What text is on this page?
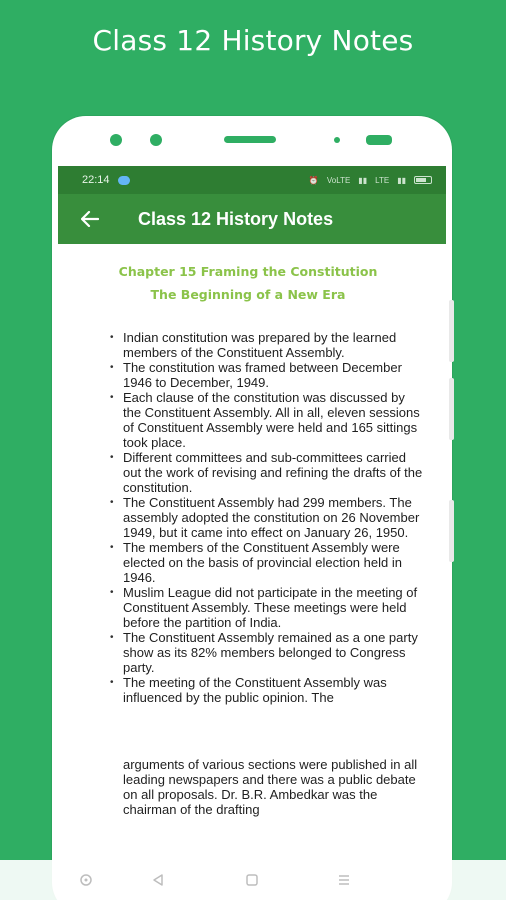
Class 12 History Notes
22:14	⏰ VoLTE ▮▮ LTE ▮▮
Class 12 History Notes
Chapter 15 Framing the Constitution
The Beginning of a New Era
• Indian constitution was prepared by the learned members of the Constituent Assembly.
• The constitution was framed between December 1946 to December, 1949.
• Each clause of the constitution was discussed by the Constituent Assembly. All in all, eleven sessions of Constituent Assembly were held and 165 sittings took place.
• Different committees and sub-committees carried out the work of revising and refining the drafts of the constitution.
• The Constituent Assembly had 299 members. The assembly adopted the constitution on 26 November 1949, but it came into effect on January 26, 1950.
• The members of the Constituent Assembly were elected on the basis of provincial election held in 1946.
• Muslim League did not participate in the meeting of Constituent Assembly. These meetings were held before the partition of India.
• The Constituent Assembly remained as a one party show as its 82% members belonged to Congress party.
• The meeting of the Constituent Assembly was influenced by the public opinion. The
arguments of various sections were published in all leading newspapers and there was a public debate on all proposals. Dr. B.R. Ambedkar was the chairman of the drafting
